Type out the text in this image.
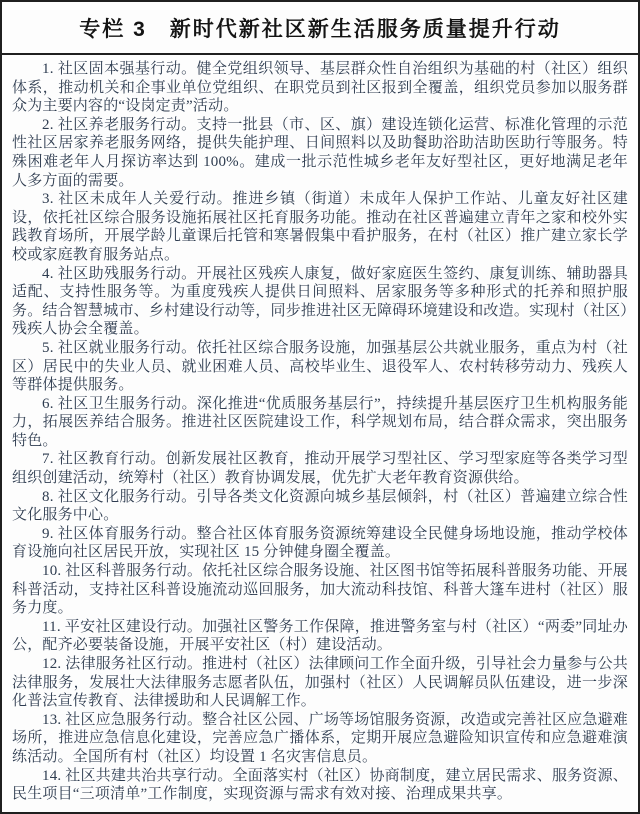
专栏 3　新时代新社区新生活服务质量提升行动

1. 社区固本强基行动。健全党组织领导、基层群众性自治组织为基础的村（社区）组织体系，推动机关和企事业单位党组织、在职党员到社区报到全覆盖，组织党员参加以服务群众为主要内容的“设岗定责”活动。

2. 社区养老服务行动。支持一批县（市、区、旗）建设连锁化运营、标准化管理的示范性社区居家养老服务网络，提供失能护理、日间照料以及助餐助浴助洁助医助行等服务。特殊困难老年人月探访率达到 100%。建成一批示范性城乡老年友好型社区，更好地满足老年人多方面的需要。

3. 社区未成年人关爱行动。推进乡镇（街道）未成年人保护工作站、儿童友好社区建设，依托社区综合服务设施拓展社区托育服务功能。推动在社区普遍建立青年之家和校外实践教育场所，开展学龄儿童课后托管和寒暑假集中看护服务，在村（社区）推广建立家长学校或家庭教育服务站点。

4. 社区助残服务行动。开展社区残疾人康复，做好家庭医生签约、康复训练、辅助器具适配、支持性服务等。为重度残疾人提供日间照料、居家服务等多种形式的托养和照护服务。结合智慧城市、乡村建设行动等，同步推进社区无障碍环境建设和改造。实现村（社区）残疾人协会全覆盖。

5. 社区就业服务行动。依托社区综合服务设施，加强基层公共就业服务，重点为村（社区）居民中的失业人员、就业困难人员、高校毕业生、退役军人、农村转移劳动力、残疾人等群体提供服务。

6. 社区卫生服务行动。深化推进“优质服务基层行”，持续提升基层医疗卫生机构服务能力，拓展医养结合服务。推进社区医院建设工作，科学规划布局，结合群众需求，突出服务特色。

7. 社区教育行动。创新发展社区教育，推动开展学习型社区、学习型家庭等各类学习型组织创建活动，统筹村（社区）教育协调发展，优先扩大老年教育资源供给。

8. 社区文化服务行动。引导各类文化资源向城乡基层倾斜，村（社区）普遍建立综合性文化服务中心。

9. 社区体育服务行动。整合社区体育服务资源统筹建设全民健身场地设施，推动学校体育设施向社区居民开放，实现社区 15 分钟健身圈全覆盖。

10. 社区科普服务行动。依托社区综合服务设施、社区图书馆等拓展科普服务功能、开展科普活动，支持社区科普设施流动巡回服务，加大流动科技馆、科普大篷车进村（社区）服务力度。

11. 平安社区建设行动。加强社区警务工作保障，推进警务室与村（社区）“两委”同址办公，配齐必要装备设施，开展平安社区（村）建设活动。

12. 法律服务社区行动。推进村（社区）法律顾问工作全面升级，引导社会力量参与公共法律服务，发展壮大法律服务志愿者队伍，加强村（社区）人民调解员队伍建设，进一步深化普法宣传教育、法律援助和人民调解工作。

13. 社区应急服务行动。整合社区公园、广场等场馆服务资源，改造或完善社区应急避难场所，推进应急信息化建设，完善应急广播体系，定期开展应急避险知识宣传和应急避难演练活动。全国所有村（社区）均设置 1 名灾害信息员。

14. 社区共建共治共享行动。全面落实村（社区）协商制度，建立居民需求、服务资源、民生项目“三项清单”工作制度，实现资源与需求有效对接、治理成果共享。
